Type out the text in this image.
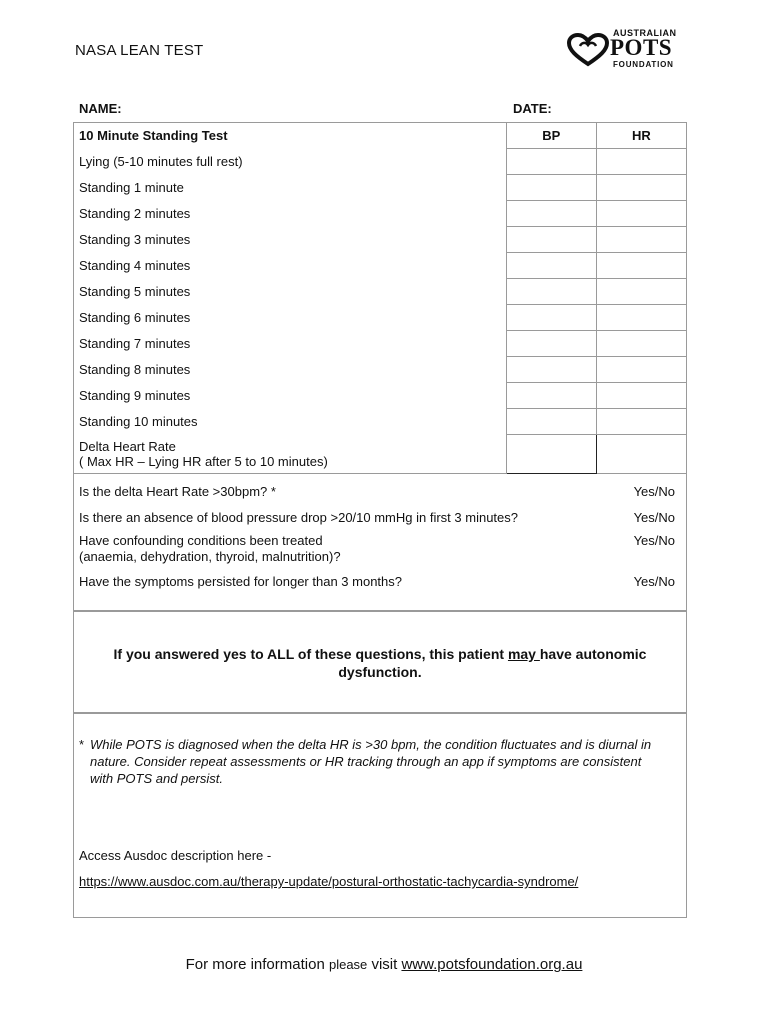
NASA LEAN TEST
AUSTRALIAN
POTS
FOUNDATION
NAME:	DATE:
10 Minute Standing Test	BP	HR
Lying (5-10 minutes full rest)		
Standing 1 minute		
Standing 2 minutes		
Standing 3 minutes		
Standing 4 minutes		
Standing 5 minutes		
Standing 6 minutes		
Standing 7 minutes		
Standing 8 minutes		
Standing 9 minutes		
Standing 10 minutes		

Delta Heart Rate
( Max HR – Lying HR after 5 to 10 minutes)		

Is the delta Heart Rate >30bpm? *	Yes/No
Is there an absence of blood pressure drop >20/10 mmHg in first 3 minutes?	Yes/No
Have confounding conditions been treated
(anaemia, dehydration, thyroid, malnutrition)?
Yes/No
Have the symptoms persisted for longer than 3 months?	Yes/No
If you answered yes to ALL of these questions, this patient may have autonomic dysfunction.
* While POTS is diagnosed when the delta HR is >30 bpm, the condition fluctuates and is diurnal in nature. Consider repeat assessments or HR tracking through an app if symptoms are consistent with POTS and persist.
Access Ausdoc description here -
https://www.ausdoc.com.au/therapy-update/postural-orthostatic-tachycardia-syndrome/
For more information please visit www.potsfoundation.org.au
